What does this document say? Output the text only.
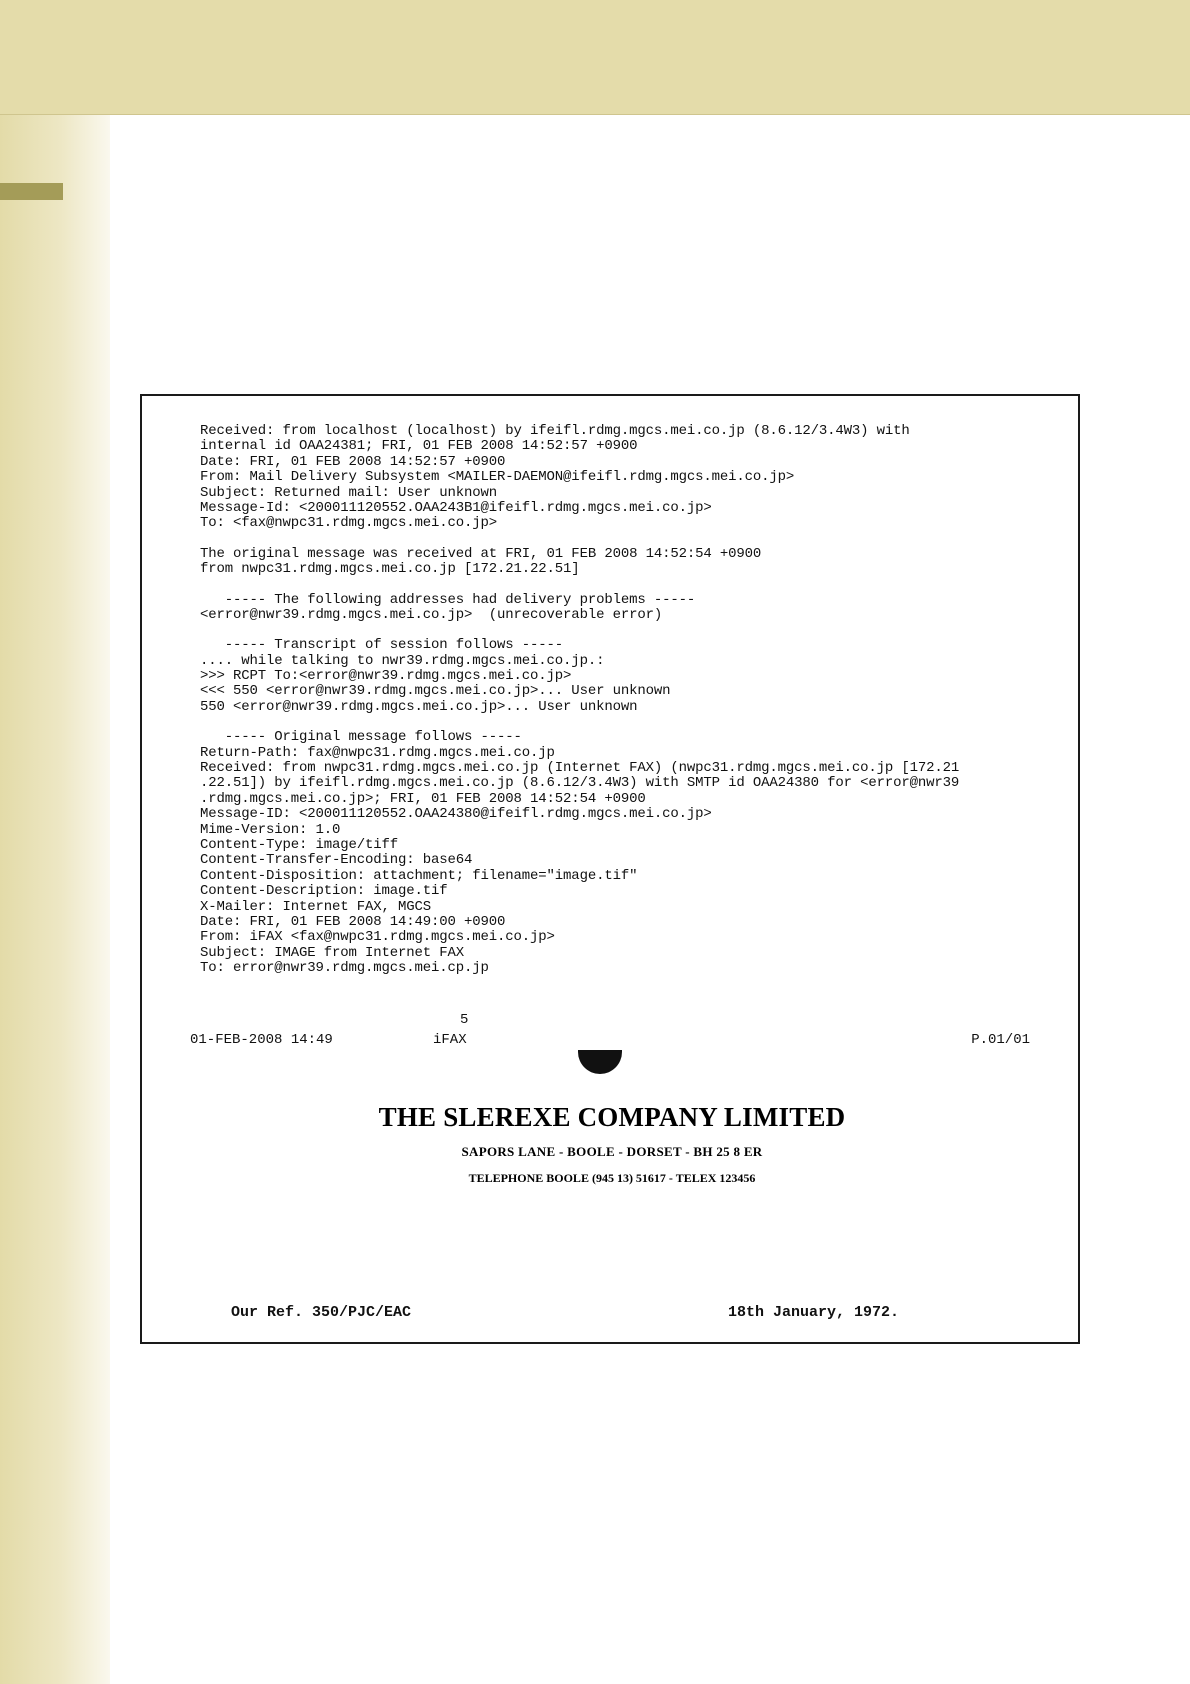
Received: from localhost (localhost) by ifeifl.rdmg.mgcs.mei.co.jp (8.6.12/3.4W3) with
internal id OAA24381; FRI, 01 FEB 2008 14:52:57 +0900
Date: FRI, 01 FEB 2008 14:52:57 +0900
From: Mail Delivery Subsystem <MAILER-DAEMON@ifeifl.rdmg.mgcs.mei.co.jp>
Subject: Returned mail: User unknown
Message-Id: <200011120552.OAA243B1@ifeifl.rdmg.mgcs.mei.co.jp>
To: <fax@nwpc31.rdmg.mgcs.mei.co.jp>
The original message was received at FRI, 01 FEB 2008 14:52:54 +0900
from nwpc31.rdmg.mgcs.mei.co.jp [172.21.22.51]
----- The following addresses had delivery problems -----
<error@nwr39.rdmg.mgcs.mei.co.jp>  (unrecoverable error)
----- Transcript of session follows -----
.... while talking to nwr39.rdmg.mgcs.mei.co.jp.:
>>> RCPT To:<error@nwr39.rdmg.mgcs.mei.co.jp>
<<< 550 <error@nwr39.rdmg.mgcs.mei.co.jp>... User unknown
550 <error@nwr39.rdmg.mgcs.mei.co.jp>... User unknown
----- Original message follows -----
Return-Path: fax@nwpc31.rdmg.mgcs.mei.co.jp
Received: from nwpc31.rdmg.mgcs.mei.co.jp (Internet FAX) (nwpc31.rdmg.mgcs.mei.co.jp [172.21
.22.51]) by ifeifl.rdmg.mgcs.mei.co.jp (8.6.12/3.4W3) with SMTP id OAA24380 for <error@nwr39
.rdmg.mgcs.mei.co.jp>; FRI, 01 FEB 2008 14:52:54 +0900
Message-ID: <200011120552.OAA24380@ifeifl.rdmg.mgcs.mei.co.jp>
Mime-Version: 1.0
Content-Type: image/tiff
Content-Transfer-Encoding: base64
Content-Disposition: attachment; filename="image.tif"
Content-Description: image.tif
X-Mailer: Internet FAX, MGCS
Date: FRI, 01 FEB 2008 14:49:00 +0900
From: iFAX <fax@nwpc31.rdmg.mgcs.mei.co.jp>
Subject: IMAGE from Internet FAX
To: error@nwr39.rdmg.mgcs.mei.cp.jp
5
01-FEB-2008 14:49	iFAX	P.01/01
THE SLEREXE COMPANY LIMITED
SAPORS LANE - BOOLE - DORSET - BH 25 8 ER
TELEPHONE BOOLE (945 13) 51617 - TELEX 123456
Our Ref. 350/PJC/EAC	18th January, 1972.
